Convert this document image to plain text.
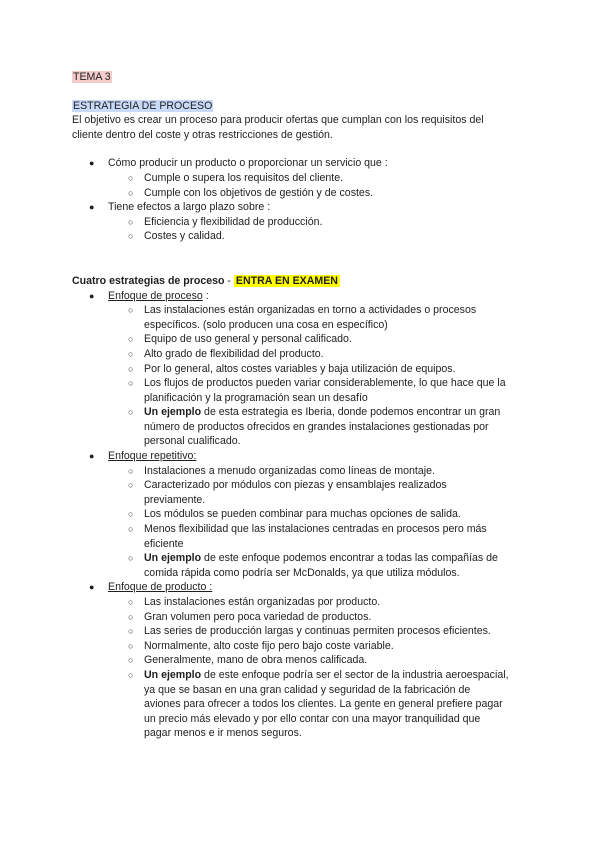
TEMA 3
ESTRATEGIA DE PROCESO
El objetivo es crear un proceso para producir ofertas que cumplan con los requisitos del
cliente dentro del coste y otras restricciones de gestión.
● Cómo producir un producto o proporcionar un servicio que :
○ Cumple o supera los requisitos del cliente.
○ Cumple con los objetivos de gestión y de costes.
● Tiene efectos a largo plazo sobre :
○ Eficiencia y flexibilidad de producción.
○ Costes y calidad.
Cuatro estrategias de proceso - ENTRA EN EXAMEN
● Enfoque de proceso :
○ Las instalaciones están organizadas en torno a actividades o procesos
específicos. (solo producen una cosa en específico)
○ Equipo de uso general y personal calificado.
○ Alto grado de flexibilidad del producto.
○ Por lo general, altos costes variables y baja utilización de equipos.
○ Los flujos de productos pueden variar considerablemente, lo que hace que la
planificación y la programación sean un desafío
○ Un ejemplo de esta estrategia es Iberia, donde podemos encontrar un gran
número de productos ofrecidos en grandes instalaciones gestionadas por
personal cualificado.
● Enfoque repetitivo:
○ Instalaciones a menudo organizadas como líneas de montaje.
○ Caracterizado por módulos con piezas y ensamblajes realizados
previamente.
○ Los módulos se pueden combinar para muchas opciones de salida.
○ Menos flexibilidad que las instalaciones centradas en procesos pero más
eficiente
○ Un ejemplo de este enfoque podemos encontrar a todas las compañías de
comida rápida como podría ser McDonalds, ya que utiliza módulos.
● Enfoque de producto :
○ Las instalaciones están organizadas por producto.
○ Gran volumen pero poca variedad de productos.
○ Las series de producción largas y continuas permiten procesos eficientes.
○ Normalmente, alto coste fijo pero bajo coste variable.
○ Generalmente, mano de obra menos calificada.
○ Un ejemplo de este enfoque podría ser el sector de la industria aeroespacial,
ya que se basan en una gran calidad y seguridad de la fabricación de
aviones para ofrecer a todos los clientes. La gente en general prefiere pagar
un precio más elevado y por ello contar con una mayor tranquilidad que
pagar menos e ir menos seguros.
